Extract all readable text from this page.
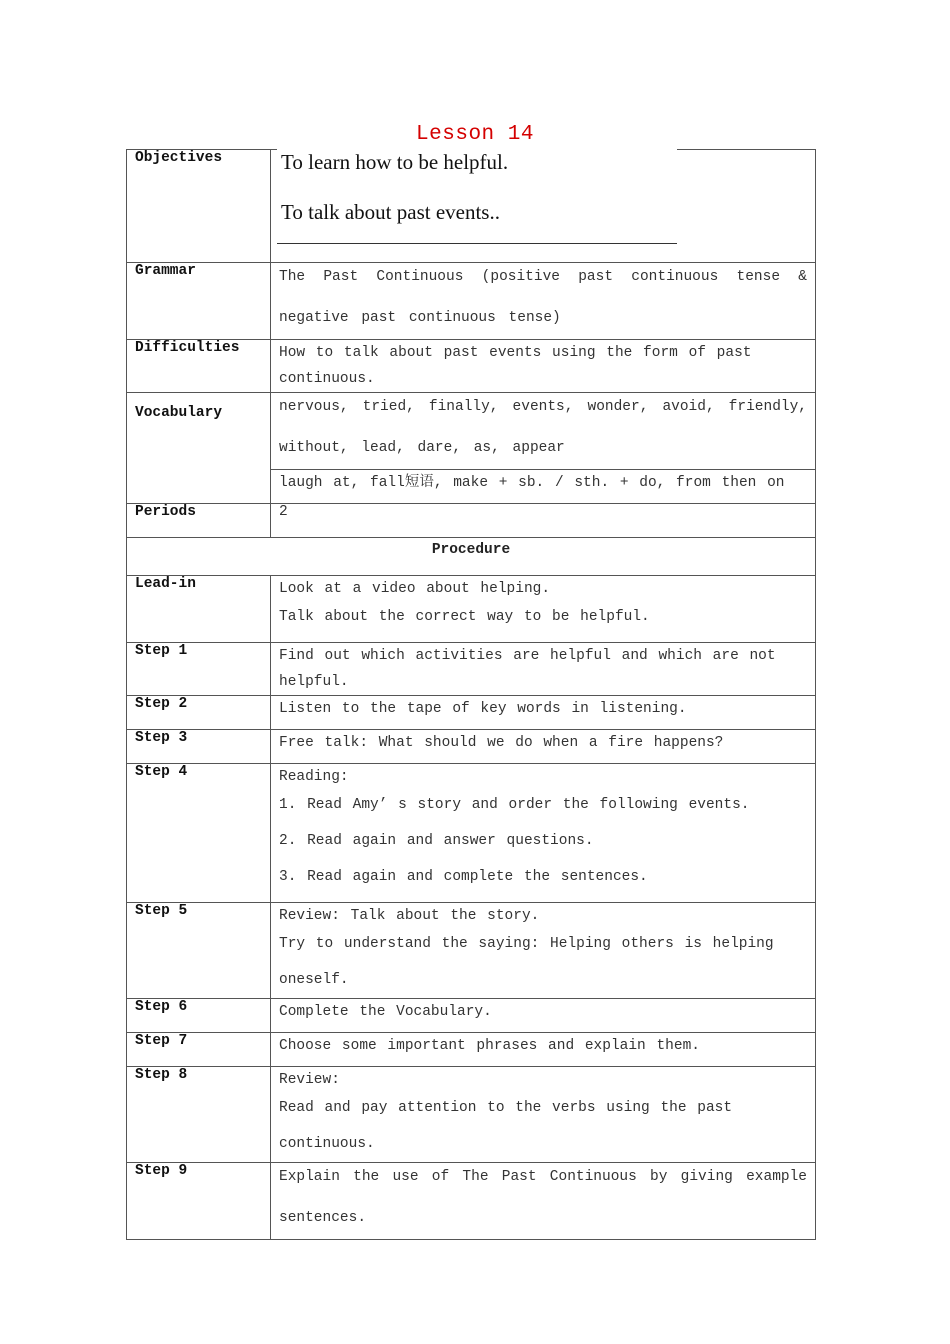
Lesson 14
Objectives	To learn how to be helpful.
To talk about past events..

Grammar	The Past Continuous (positive past continuous tense & negative past continuous tense)

Difficulties	How to talk about past events using the form of past continuous.

Vocabulary	nervous, tried, finally, events, wonder, avoid, friendly, without, lead, dare, as, appear

	laugh at, fall短语, make + sb. / sth. + do, from then on

Periods	2
Procedure	
Lead-in	Look at a video about helping.
Talk about the correct way to be helpful.

Step 1	Find out which activities are helpful and which are not helpful.

Step 2	Listen to the tape of key words in listening.

Step 3	Free talk: What should we do when a fire happens?

Step 4	Reading:
1. Read Amy’ s story and order the following events.
2. Read again and answer questions.
3. Read again and complete the sentences.

Step 5	Review: Talk about the story.
Try to understand the saying: Helping others is helping oneself.

Step 6	Complete the Vocabulary.

Step 7	Choose some important phrases and explain them.

Step 8	Review:
Read and pay attention to the verbs using the past continuous.

Step 9	Explain the use of The Past Continuous by giving example sentences.
